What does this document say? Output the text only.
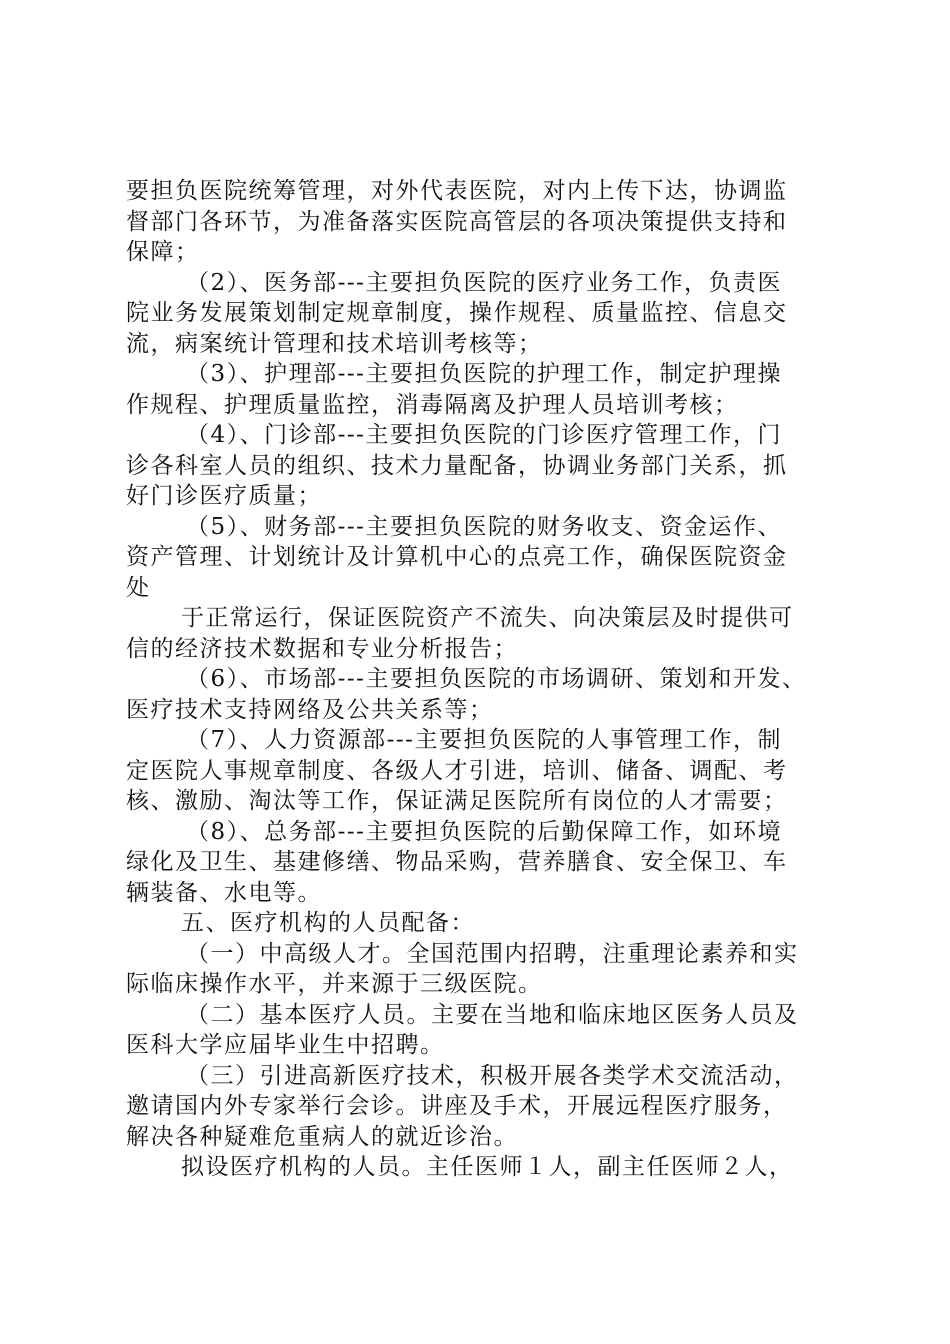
要担负医院统筹管理，对外代表医院，对内上传下达，协调监
督部门各环节，为准备落实医院高管层的各项决策提供支持和
保障；
（2）、医务部---主要担负医院的医疗业务工作，负责医
院业务发展策划制定规章制度，操作规程、质量监控、信息交
流，病案统计管理和技术培训考核等；
（3）、护理部---主要担负医院的护理工作，制定护理操
作规程、护理质量监控，消毒隔离及护理人员培训考核；
（4）、门诊部---主要担负医院的门诊医疗管理工作，门
诊各科室人员的组织、技术力量配备，协调业务部门关系，抓
好门诊医疗质量；
（5）、财务部---主要担负医院的财务收支、资金运作、
资产管理、计划统计及计算机中心的点亮工作，确保医院资金
处
于正常运行，保证医院资产不流失、向决策层及时提供可
信的经济技术数据和专业分析报告；
（6）、市场部---主要担负医院的市场调研、策划和开发、
医疗技术支持网络及公共关系等；
（7）、人力资源部---主要担负医院的人事管理工作，制
定医院人事规章制度、各级人才引进，培训、储备、调配、考
核、激励、淘汰等工作，保证满足医院所有岗位的人才需要；
（8）、总务部---主要担负医院的后勤保障工作，如环境
绿化及卫生、基建修缮、物品采购，营养膳食、安全保卫、车
辆装备、水电等。
五、医疗机构的人员配备：
（一）中高级人才。全国范围内招聘，注重理论素养和实
际临床操作水平，并来源于三级医院。
（二）基本医疗人员。主要在当地和临床地区医务人员及
医科大学应届毕业生中招聘。
（三）引进高新医疗技术，积极开展各类学术交流活动，
邀请国内外专家举行会诊。讲座及手术，开展远程医疗服务，
解决各种疑难危重病人的就近诊治。
拟设医疗机构的人员。主任医师１人，副主任医师２人，
